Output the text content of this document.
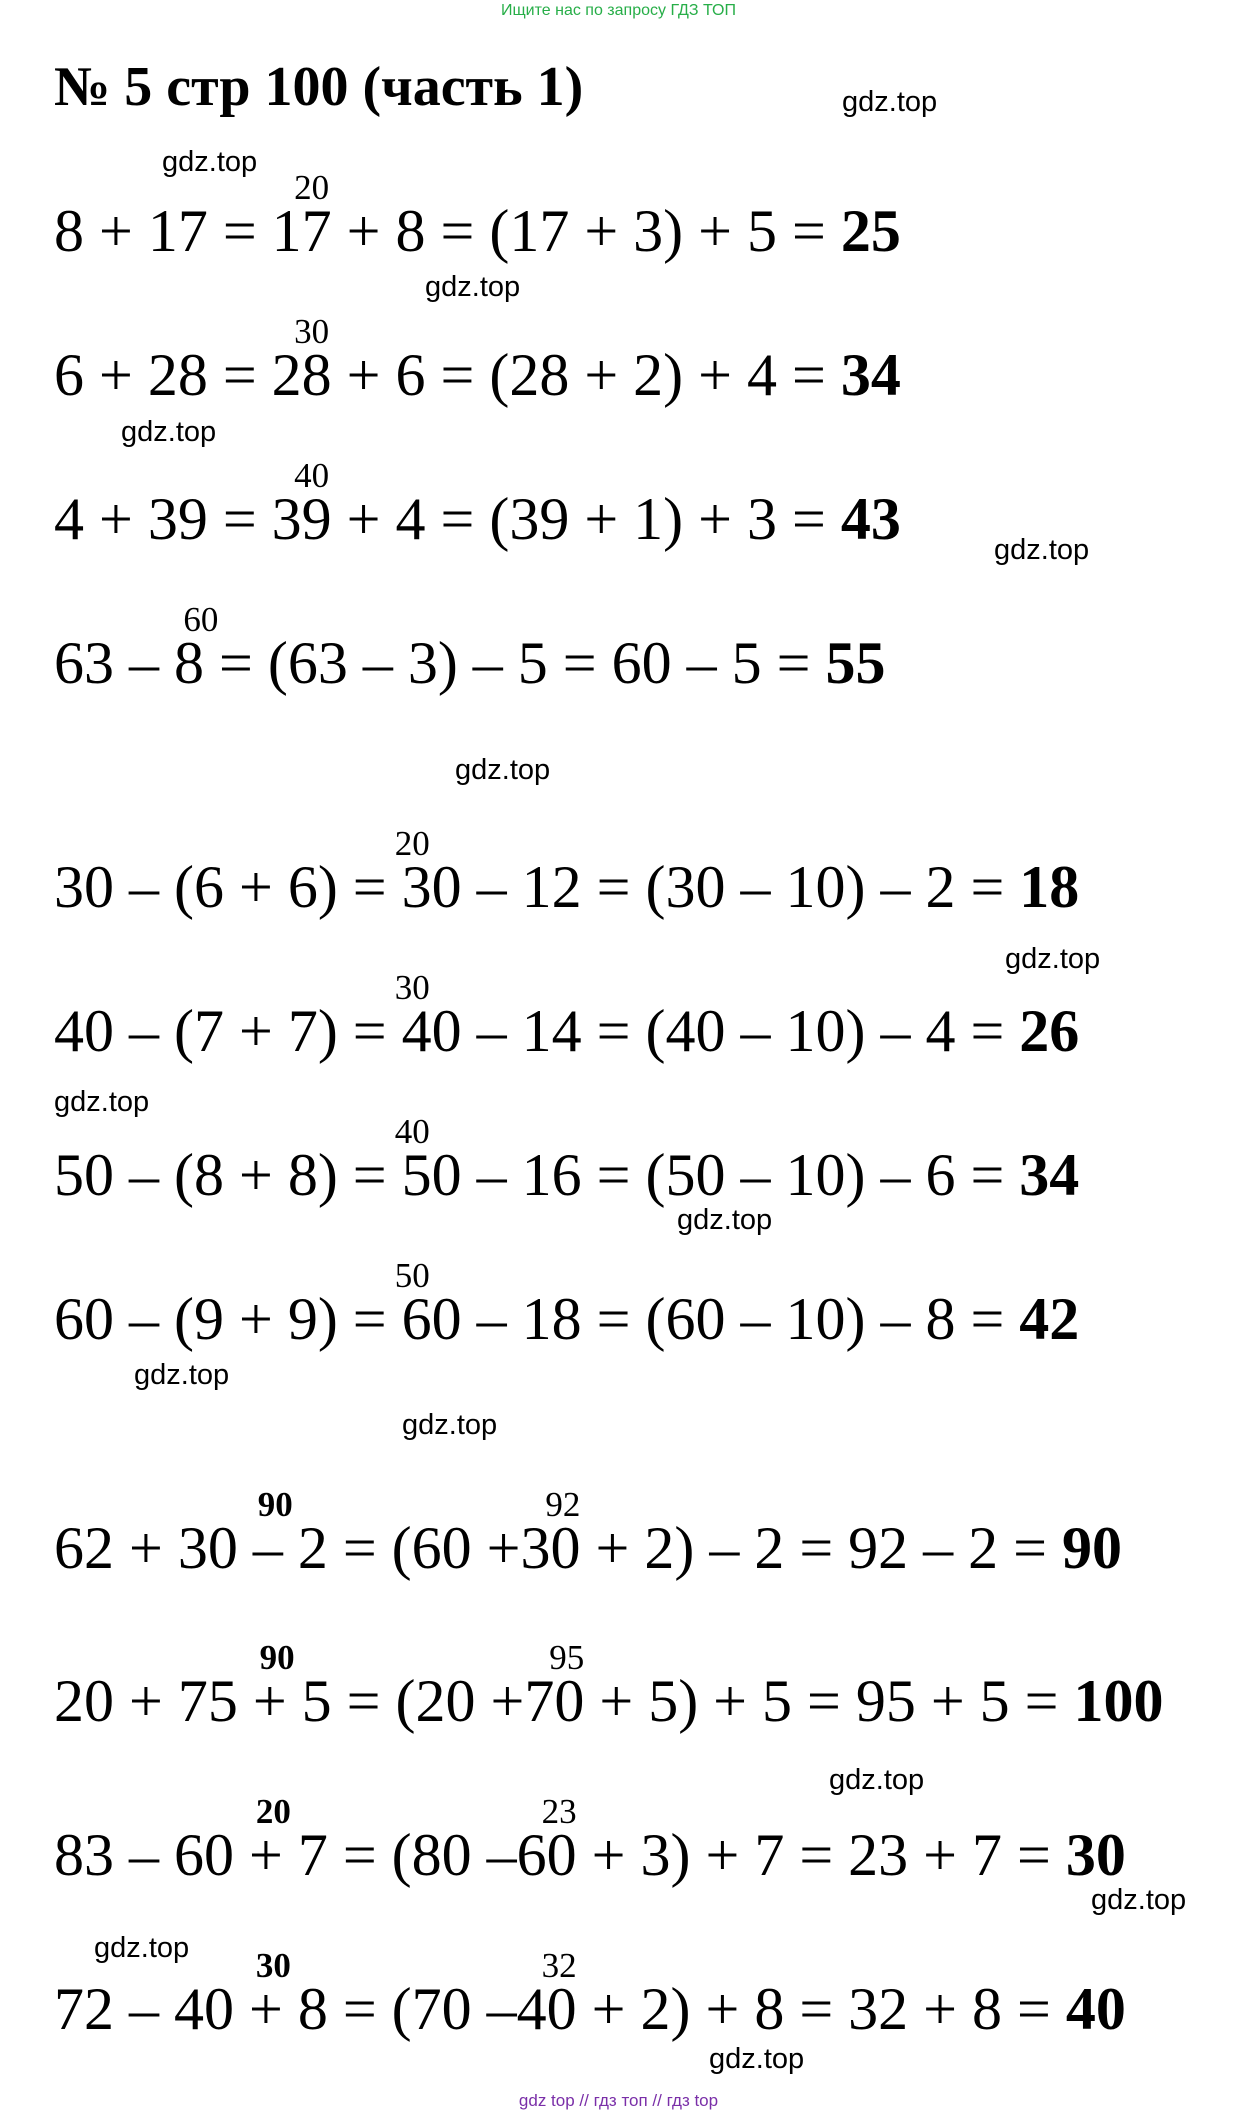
Ищите нас по запросу ГДЗ ТОП
№ 5 стр 100 (часть 1)	gdz.top
gdz.top
gdz.top
gdz.top
gdz.top
gdz.top
gdz.top
gdz.top
gdz.top
gdz.top
gdz.top
gdz.top
gdz.top
gdz.top
gdz.top
8 + 17 = 17 + 8 = (17
20
+ 3) + 5 = 25
6 + 28 = 28 + 6 = (28
30
+ 2) + 4 = 34
4 + 39 = 39 + 4 = (39
40
+ 1) + 3 = 43
63 – 8 = (63
60
– 3) – 5 = 60 – 5 = 55
30 – (6 + 6) = 30 – 12 = (30 –
20
10) – 2 = 18
40 – (7 + 7) = 40 – 14 = (40 –
30
10) – 4 = 26
50 – (8 + 8) = 50 – 16 = (50 –
40
10) – 6 = 34
60 – (9 + 9) = 60 – 18 = (60 –
50
10) – 8 = 42
62 + 30 – 2 = (60 +
90
30 +
92
2) – 2 = 92 – 2 = 90
20 + 75 + 5 = (20 +
90
70 +
95
5) + 5 = 95 + 5 = 100
83 – 60 + 7 = (80 –
20
60 +
23
3) + 7 = 23 + 7 = 30
72 – 40 + 8 = (70 –
30
40 +
32
2) + 8 = 32 + 8 = 40
gdz top // гдз топ // гдз top
